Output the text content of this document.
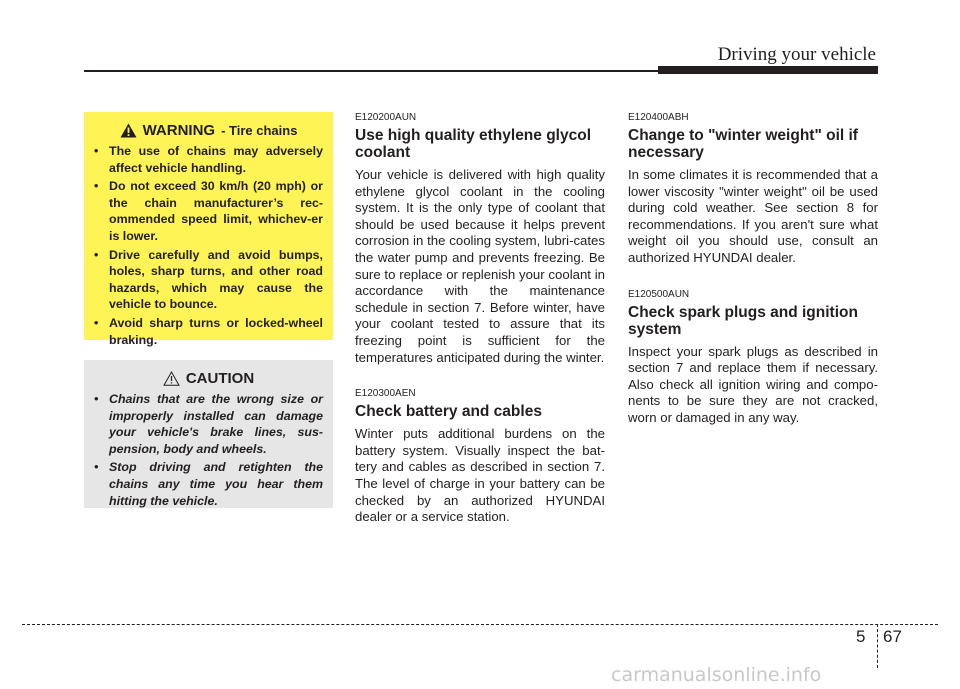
Driving your vehicle
WARNING - Tire chains
• The use of chains may adversely affect vehicle handling.
• Do not exceed 30 km/h (20 mph) or the chain manufacturer’s rec-ommended speed limit, whichev-er is lower.
• Drive carefully and avoid bumps, holes, sharp turns, and other road hazards, which may cause the vehicle to bounce.
• Avoid sharp turns or locked-wheel braking.
CAUTION
• Chains that are the wrong size or improperly installed can damage your vehicle's brake lines, sus-pension, body and wheels.
• Stop driving and retighten the chains any time you hear them hitting the vehicle.
E120200AUN
Use high quality ethylene glycol coolant

Your vehicle is delivered with high quality ethylene glycol coolant in the cooling system. It is the only type of coolant that should be used because it helps prevent corrosion in the cooling system, lubri-cates the water pump and prevents freezing. Be sure to replace or replenish your coolant in accordance with the maintenance schedule in section 7. Before winter, have your coolant tested to assure that its freezing point is sufficient for the temperatures anticipated during the winter.

E120300AEN
Check battery and cables

Winter puts additional burdens on the battery system. Visually inspect the bat-tery and cables as described in section 7. The level of charge in your battery can be checked by an authorized HYUNDAI dealer or a service station.

E120400ABH
Change to "winter weight" oil if necessary

In some climates it is recommended that a lower viscosity "winter weight" oil be used during cold weather. See section 8 for recommendations. If you aren't sure what weight oil you should use, consult an authorized HYUNDAI dealer.

E120500AUN
Check spark plugs and ignition system

Inspect your spark plugs as described in section 7 and replace them if necessary. Also check all ignition wiring and compo-nents to be sure they are not cracked, worn or damaged in any way.

5 67
carmanualsonline.info
